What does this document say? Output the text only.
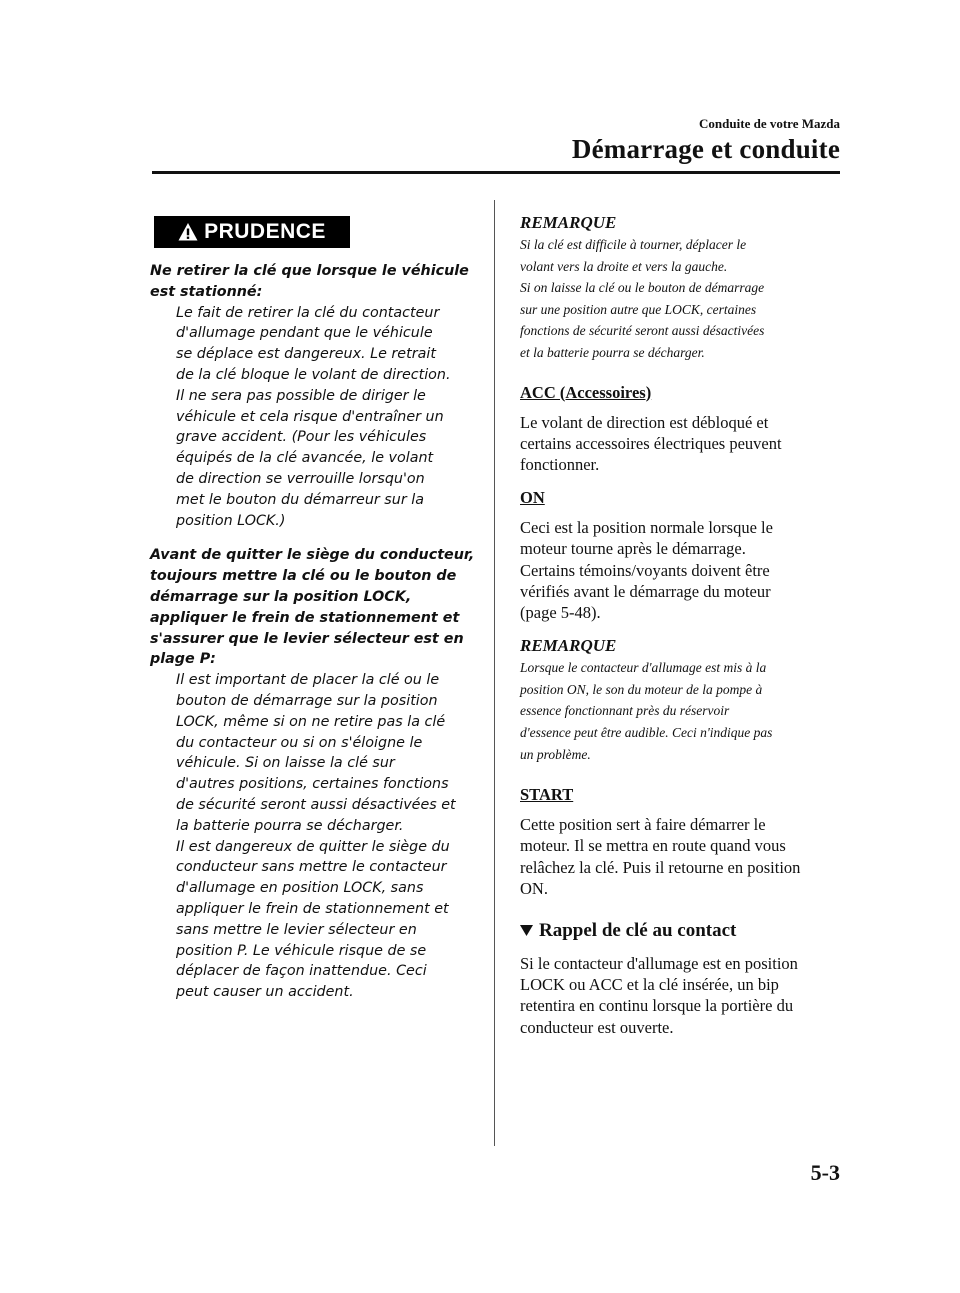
Conduite de votre Mazda
Démarrage et conduite
PRUDENCE
Ne retirer la clé que lorsque le véhicule
est stationné:
Le fait de retirer la clé du contacteur
d'allumage pendant que le véhicule
se déplace est dangereux. Le retrait
de la clé bloque le volant de direction.
Il ne sera pas possible de diriger le
véhicule et cela risque d'entraîner un
grave accident. (Pour les véhicules
équipés de la clé avancée, le volant
de direction se verrouille lorsqu'on
met le bouton du démarreur sur la
position LOCK.)
Avant de quitter le siège du conducteur,
toujours mettre la clé ou le bouton de
démarrage sur la position LOCK,
appliquer le frein de stationnement et
s'assurer que le levier sélecteur est en
plage P:
Il est important de placer la clé ou le
bouton de démarrage sur la position
LOCK, même si on ne retire pas la clé
du contacteur ou si on s'éloigne le
véhicule. Si on laisse la clé sur
d'autres positions, certaines fonctions
de sécurité seront aussi désactivées et
la batterie pourra se décharger.
Il est dangereux de quitter le siège du
conducteur sans mettre le contacteur
d'allumage en position LOCK, sans
appliquer le frein de stationnement et
sans mettre le levier sélecteur en
position P. Le véhicule risque de se
déplacer de façon inattendue. Ceci
peut causer un accident.
REMARQUE
Si la clé est difficile à tourner, déplacer le
volant vers la droite et vers la gauche.
Si on laisse la clé ou le bouton de démarrage
sur une position autre que LOCK, certaines
fonctions de sécurité seront aussi désactivées
et la batterie pourra se décharger.
ACC (Accessoires)
Le volant de direction est débloqué et
certains accessoires électriques peuvent
fonctionner.
ON
Ceci est la position normale lorsque le
moteur tourne après le démarrage.
Certains témoins/voyants doivent être
vérifiés avant le démarrage du moteur
(page 5-48).
REMARQUE
Lorsque le contacteur d'allumage est mis à la
position ON, le son du moteur de la pompe à
essence fonctionnant près du réservoir
d'essence peut être audible. Ceci n'indique pas
un problème.
START
Cette position sert à faire démarrer le
moteur. Il se mettra en route quand vous
relâchez la clé. Puis il retourne en position
ON.
Rappel de clé au contact
Si le contacteur d'allumage est en position
LOCK ou ACC et la clé insérée, un bip
retentira en continu lorsque la portière du
conducteur est ouverte.
5-3
